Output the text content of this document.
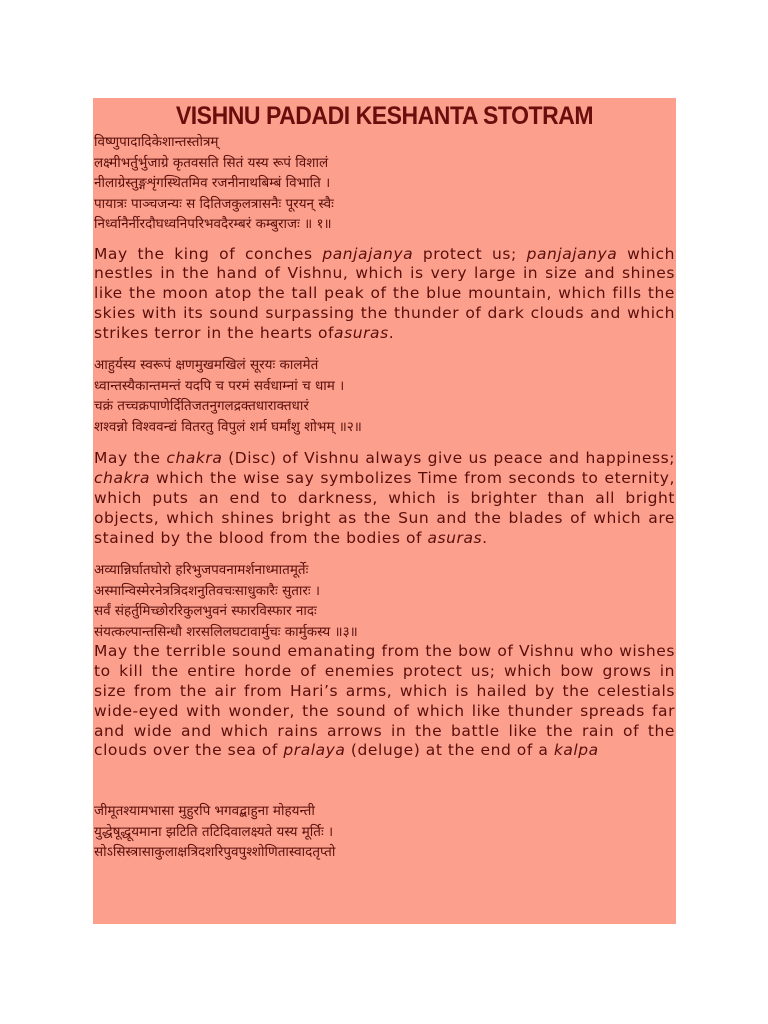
VISHNU PADADI KESHANTA STOTRAM
विष्णुपादादिकेशान्तस्तोत्रम्
लक्ष्मीभर्तुर्भुजाग्रे कृतवसति सितं यस्य रूपं विशालं
नीलाग्रेस्तुङ्गशृंगस्थितमिव रजनीनाथबिम्बं विभाति ।
पायात्रः पाञ्चजन्यः स दितिजकुलत्रासनैः पूरयन् स्वैः
निर्ध्वानैर्नीरदौघध्वनिपरिभवदैरम्बरं कम्बुराजः ॥ १॥

May the king of conches panjajanya protect us; panjajanya which nestles in the hand of Vishnu, which is very large in size and shines like the moon atop the tall peak of the blue mountain, which fills the skies with its sound surpassing the thunder of dark clouds and which strikes terror in the hearts ofasuras.

आहुर्यस्य स्वरूपं क्षणमुखमखिलं सूरयः कालमेतं
ध्वान्तस्यैकान्तमन्तं यदपि च परमं सर्वधाम्नां च धाम ।
चक्रं तच्चक्रपाणेर्दितिजतनुगलद्रक्तधाराक्तधारं
शश्वन्नो विश्ववन्द्यं वितरतु विपुलं शर्म घर्मांशु शोभम् ॥२॥

May the chakra (Disc) of Vishnu always give us peace and happiness; chakra which the wise say symbolizes Time from seconds to eternity, which puts an end to darkness, which is brighter than all bright objects, which shines bright as the Sun and the blades of which are stained by the blood from the bodies of asuras.

अव्यान्निर्घातघोरो हरिभुजपवनामर्शनाध्मातमूर्तेः
अस्मान्विस्मेरनेत्रत्रिदशनुतिवचःसाधुकारैः सुतारः ।
सर्वं संहर्तुमिच्छोररिकुलभुवनं स्फारविस्फार नादः
संयत्कल्पान्तसिन्धौ शरसलिलघटावार्मुचः कार्मुकस्य ॥३॥

May the terrible sound emanating from the bow of Vishnu who wishes to kill the entire horde of enemies protect us; which bow grows in size from the air from Hari’s arms, which is hailed by the celestials wide-eyed with wonder, the sound of which like thunder spreads far and wide and which rains arrows in the battle like the rain of the clouds over the sea of pralaya (deluge) at the end of a kalpa

जीमूतश्यामभासा मुहुरपि भगवद्बाहुना मोहयन्ती
युद्धेषूद्धूयमाना झटिति तटिदिवालक्ष्यते यस्य मूर्तिः ।
सोऽसिस्त्रासाकुलाक्षत्रिदशरिपुवपुश्शोणितास्वादतृप्तो
